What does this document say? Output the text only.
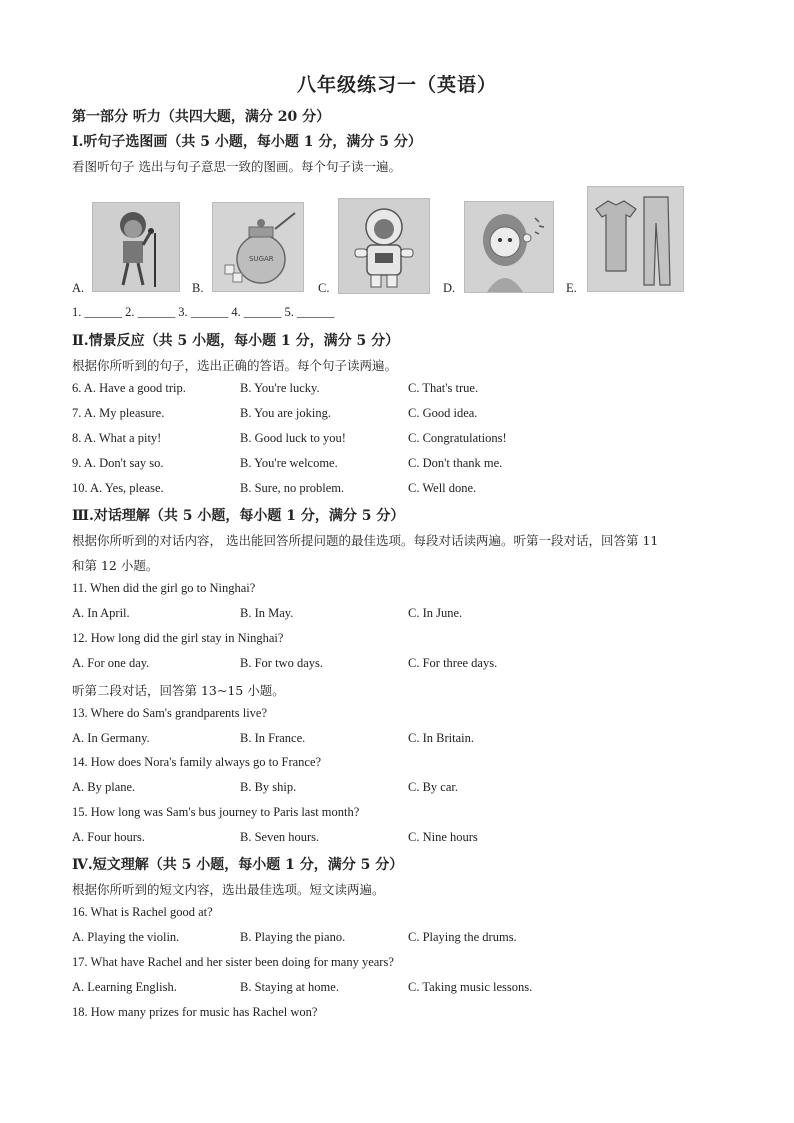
八年级练习一（英语）
第一部分 听力（共四大题，满分 20 分）
I.听句子选图画（共 5 小题，每小题 1 分，满分 5 分）
看图听句子 选出与句子意思一致的图画。每个句子读一遍。
A.	B.
SUGAR
C.	D.	E.
1. ______ 2. ______ 3. ______ 4. ______ 5. ______
Ⅱ.情景反应（共 5 小题，每小题 1 分，满分 5 分）
根据你所听到的句子，选出正确的答语。每个句子读两遍。
6. A. Have a good trip.	B. You're lucky.	C. That's true.
7. A. My pleasure.	B. You are joking.	C. Good idea.
8. A. What a pity!	B. Good luck to you!	C. Congratulations!
9. A. Don't say so.	B. You're welcome.	C. Don't thank me.
10. A. Yes, please.	B. Sure, no problem.	C. Well done.
Ⅲ.对话理解（共 5 小题，每小题 1 分，满分 5 分）
根据你所听到的对话内容， 选出能回答所提问题的最佳选项。每段对话读两遍。听第一段对话，回答第 11
和第 12 小题。
11. When did the girl go to Ninghai?
A. In April.	B. In May.	C. In June.
12. How long did the girl stay in Ninghai?
A. For one day.	B. For two days.	C. For three days.
听第二段对话，回答第 13~15 小题。
13. Where do Sam's grandparents live?
A. In Germany.	B. In France.	C. In Britain.
14. How does Nora's family always go to France?
A. By plane.	B. By ship.	C. By car.
15. How long was Sam's bus journey to Paris last month?
A. Four hours.	B. Seven hours.	C. Nine hours
Ⅳ.短文理解（共 5 小题，每小题 1 分，满分 5 分）
根据你所听到的短文内容，选出最佳选项。短文读两遍。
16. What is Rachel good at?
A. Playing the violin.	B. Playing the piano.	C. Playing the drums.
17. What have Rachel and her sister been doing for many years?
A. Learning English.	B. Staying at home.	C. Taking music lessons.
18. How many prizes for music has Rachel won?
